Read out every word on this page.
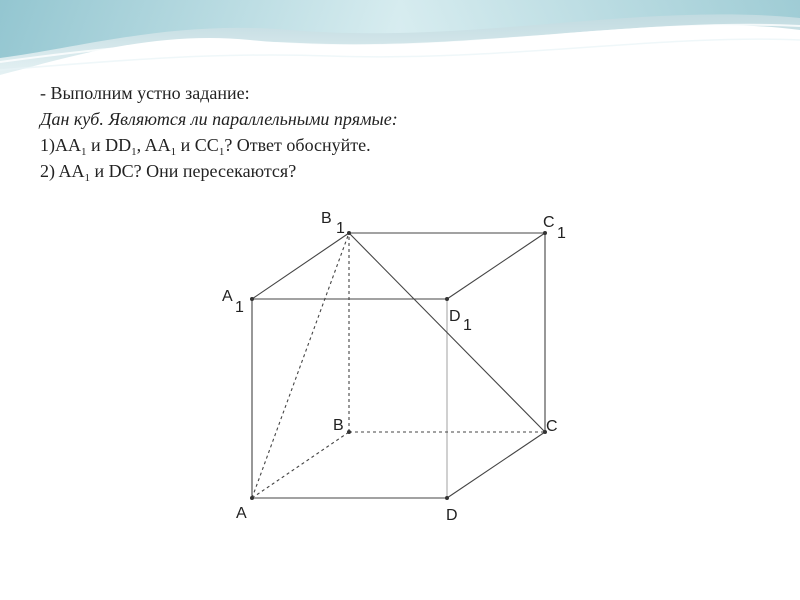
- Выполним устно задание:
Дан куб. Являются ли параллельными прямые:
$1)AA_1$ и $DD_1$, $AA_1$ и $CC_1$? Ответ обоснуйте.
2) $AA_1$ и DC? Они пересекаются?
A
B	C
D
A
1
B
1	C
1
D
1
